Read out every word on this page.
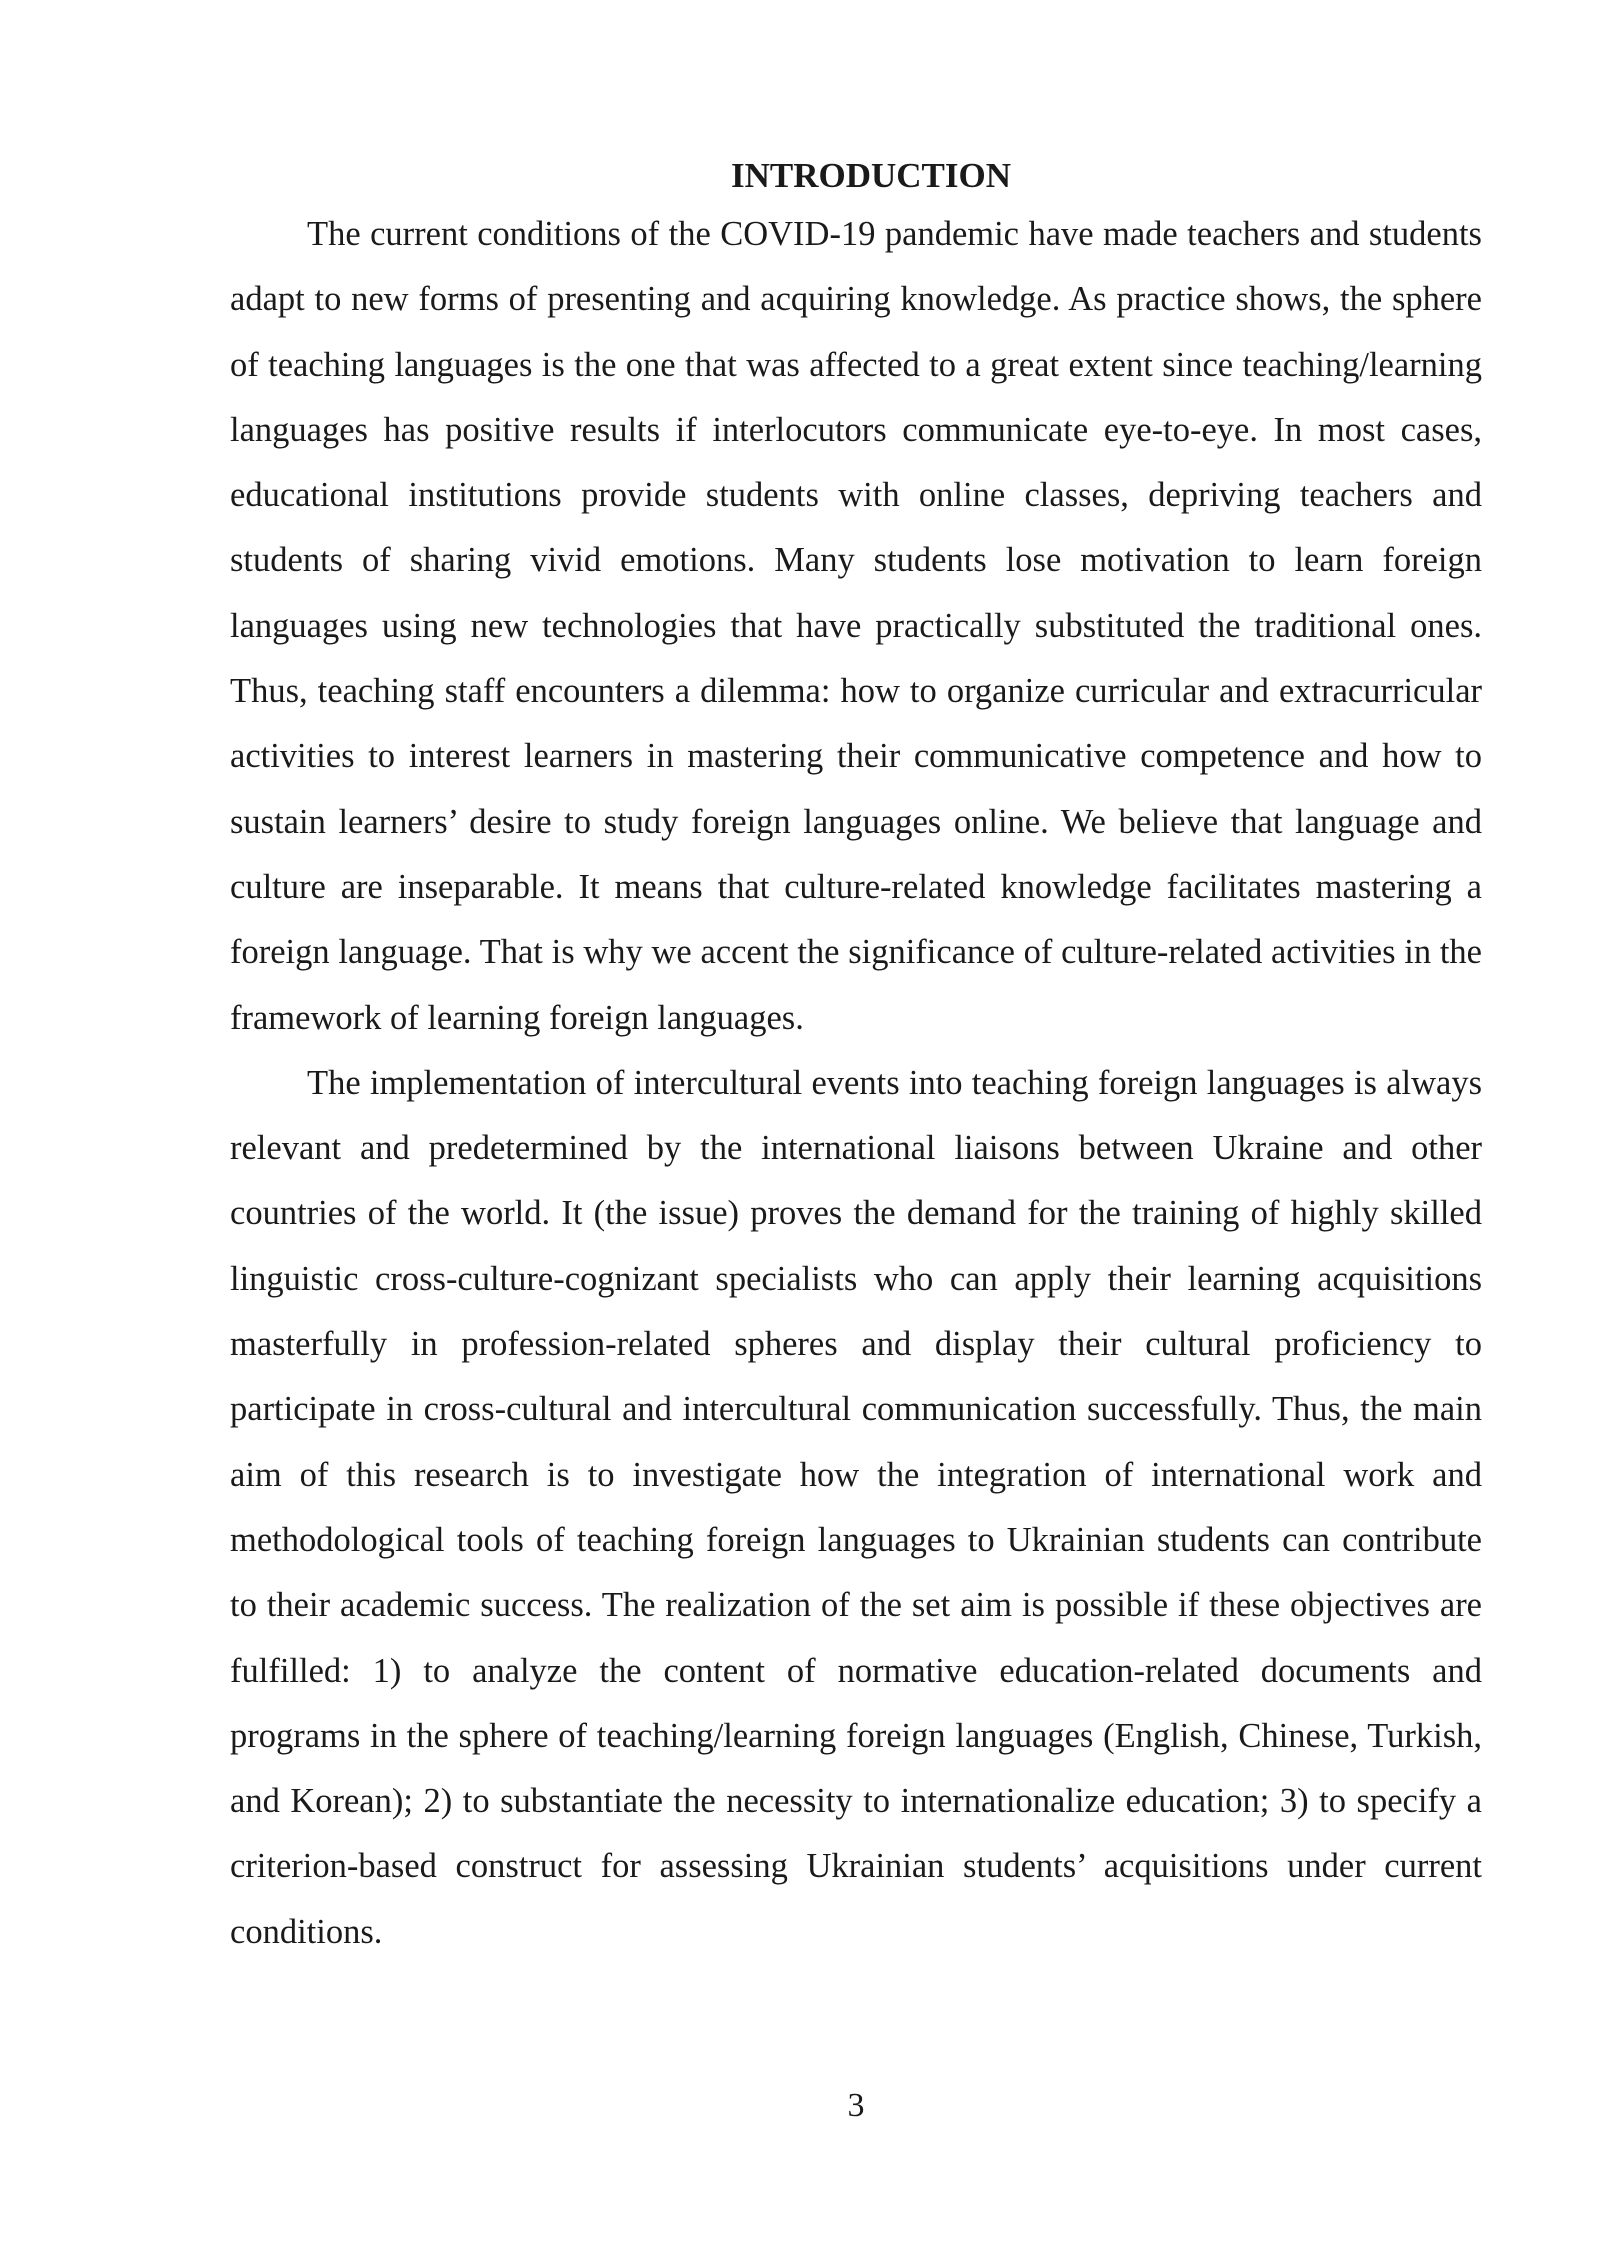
INTRODUCTION

The current conditions of the COVID-19 pandemic have made teachers and students adapt to new forms of presenting and acquiring knowledge. As practice shows, the sphere of teaching languages is the one that was affected to a great extent since teaching/learning languages has positive results if interlocutors communicate eye-to-eye. In most cases, educational institutions provide students with online classes, depriving teachers and students of sharing vivid emotions. Many students lose motivation to learn foreign languages using new technologies that have practically substituted the traditional ones. Thus, teaching staff encounters a dilemma: how to organize curricular and extracurricular activities to interest learners in mastering their communicative competence and how to sustain learners’ desire to study foreign languages online. We believe that language and culture are inseparable. It means that culture-related knowledge facilitates mastering a foreign language. That is why we accent the significance of culture-related activities in the framework of learning foreign languages.

The implementation of intercultural events into teaching foreign languages is always relevant and predetermined by the international liaisons between Ukraine and other countries of the world. It (the issue) proves the demand for the training of highly skilled linguistic cross-culture-cognizant specialists who can apply their learning acquisitions masterfully in profession-related spheres and display their cultural proficiency to participate in cross-cultural and intercultural communication successfully. Thus, the main aim of this research is to investigate how the integration of international work and methodological tools of teaching foreign languages to Ukrainian students can contribute to their academic success. The realization of the set aim is possible if these objectives are fulfilled: 1) to analyze the content of normative education-related documents and programs in the sphere of teaching/learning foreign languages (English, Chinese, Turkish, and Korean); 2) to substantiate the necessity to internationalize education; 3) to specify a criterion-based construct for assessing Ukrainian students’ acquisitions under current conditions.

3
